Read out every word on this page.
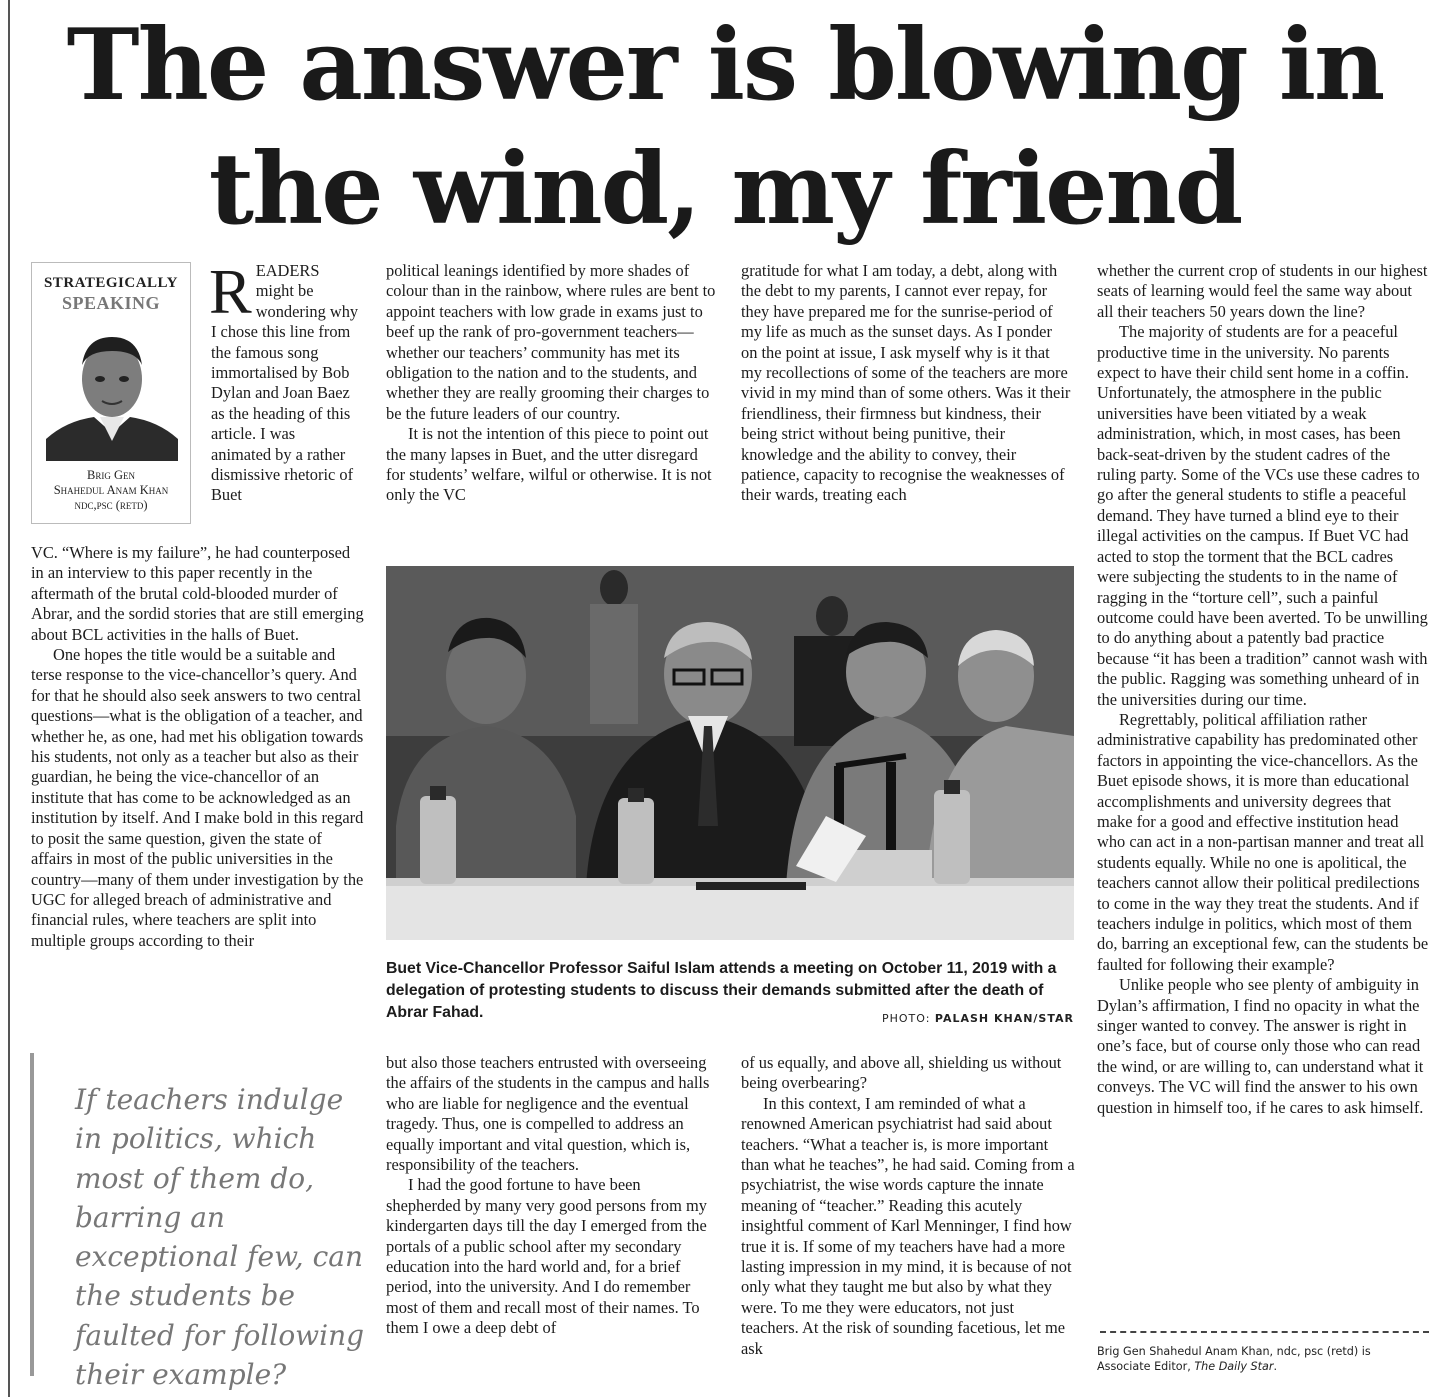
The answer is blowing in the wind, my friend
STRATEGICALLY
SPEAKING
Brig Gen
Shahedul Anam Khan
ndc,psc (retd)
READERS might be wondering why I chose this line from the famous song immortalised by Bob Dylan and Joan Baez as the heading of this article. I was animated by a rather dismissive rhetoric of Buet

VC. “Where is my failure”, he had counterposed in an interview to this paper recently in the aftermath of the brutal cold-blooded murder of Abrar, and the sordid stories that are still emerging about BCL activities in the halls of Buet.

One hopes the title would be a suitable and terse response to the vice-chancellor’s query. And for that he should also seek answers to two central questions—what is the obligation of a teacher, and whether he, as one, had met his obligation towards his students, not only as a teacher but also as their guardian, he being the vice-chancellor of an institute that has come to be acknowledged as an institution by itself. And I make bold in this regard to posit the same question, given the state of affairs in most of the public universities in the country—many of them under investigation by the UGC for alleged breach of administrative and financial rules, where teachers are split into multiple groups according to their

political leanings identified by more shades of colour than in the rainbow, where rules are bent to appoint teachers with low grade in exams just to beef up the rank of pro-government teachers—whether our teachers’ community has met its obligation to the nation and to the students, and whether they are really grooming their charges to be the future leaders of our country.

It is not the intention of this piece to point out the many lapses in Buet, and the utter disregard for students’ welfare, wilful or otherwise. It is not only the VC

gratitude for what I am today, a debt, along with the debt to my parents, I cannot ever repay, for they have prepared me for the sunrise-period of my life as much as the sunset days. As I ponder on the point at issue, I ask myself why is it that my recollections of some of the teachers are more vivid in my mind than of some others. Was it their friendliness, their firmness but kindness, their being strict without being punitive, their knowledge and the ability to convey, their patience, capacity to recognise the weaknesses of their wards, treating each

whether the current crop of students in our highest seats of learning would feel the same way about all their teachers 50 years down the line?

The majority of students are for a peaceful productive time in the university. No parents expect to have their child sent home in a coffin. Unfortunately, the atmosphere in the public universities have been vitiated by a weak administration, which, in most cases, has been back-seat-driven by the student cadres of the ruling party. Some of the VCs use these cadres to go after the general students to stifle a peaceful demand. They have turned a blind eye to their illegal activities on the campus. If Buet VC had acted to stop the torment that the BCL cadres were subjecting the students to in the name of ragging in the “torture cell”, such a painful outcome could have been averted. To be unwilling to do anything about a patently bad practice because “it has been a tradition” cannot wash with the public. Ragging was something unheard of in the universities during our time.

Regrettably, political affiliation rather administrative capability has predominated other factors in appointing the vice-chancellors. As the Buet episode shows, it is more than educational accomplishments and university degrees that make for a good and effective institution head who can act in a non-partisan manner and treat all students equally. While no one is apolitical, the teachers cannot allow their political predilections to come in the way they treat the students. And if teachers indulge in politics, which most of them do, barring an exceptional few, can the students be faulted for following their example?

Unlike people who see plenty of ambiguity in Dylan’s affirmation, I find no opacity in what the singer wanted to convey. The answer is right in one’s face, but of course only those who can read the wind, or are willing to, can understand what it conveys. The VC will find the answer to his own question in himself too, if he cares to ask himself.

Buet Vice-Chancellor Professor Saiful Islam attends a meeting on October 11, 2019 with a delegation of protesting students to discuss their demands submitted after the death of Abrar Fahad.	PHOTO: PALASH KHAN/STAR

If teachers indulge in politics, which most of them do, barring an exceptional few, can the students be faulted for following their example?

but also those teachers entrusted with overseeing the affairs of the students in the campus and halls who are liable for negligence and the eventual tragedy. Thus, one is compelled to address an equally important and vital question, which is, responsibility of the teachers.

I had the good fortune to have been shepherded by many very good persons from my kindergarten days till the day I emerged from the portals of a public school after my secondary education into the hard world and, for a brief period, into the university. And I do remember most of them and recall most of their names. To them I owe a deep debt of

of us equally, and above all, shielding us without being overbearing?

In this context, I am reminded of what a renowned American psychiatrist had said about teachers. “What a teacher is, is more important than what he teaches”, he had said. Coming from a psychiatrist, the wise words capture the innate meaning of “teacher.” Reading this acutely insightful comment of Karl Menninger, I find how true it is. If some of my teachers have had a more lasting impression in my mind, it is because of not only what they taught me but also by what they were. To me they were educators, not just teachers. At the risk of sounding facetious, let me ask	Brig Gen Shahedul Anam Khan, ndc, psc (retd) is Associate Editor, The Daily Star.
